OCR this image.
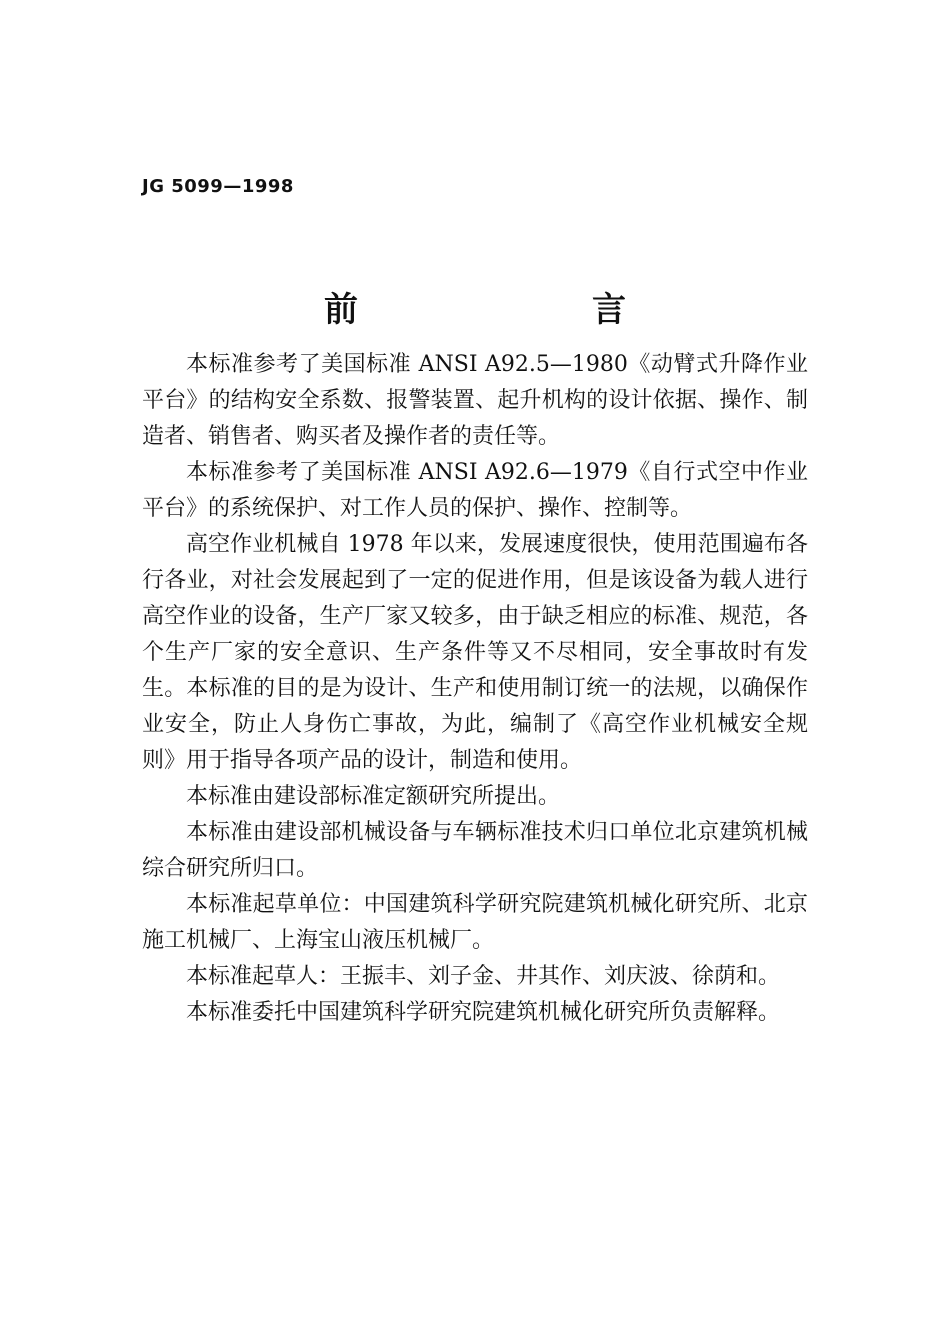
JG 5099—1998
前　言

本标准参考了美国标准 ANSI A92.5—1980《动臂式升降作业平台》的结构安全系数、报警装置、起升机构的设计依据、操作、制造者、销售者、购买者及操作者的责任等。

本标准参考了美国标准 ANSI A92.6—1979《自行式空中作业平台》的系统保护、对工作人员的保护、操作、控制等。

高空作业机械自 1978 年以来，发展速度很快，使用范围遍布各行各业，对社会发展起到了一定的促进作用，但是该设备为载人进行高空作业的设备，生产厂家又较多，由于缺乏相应的标准、规范，各个生产厂家的安全意识、生产条件等又不尽相同，安全事故时有发生。本标准的目的是为设计、生产和使用制订统一的法规，以确保作业安全，防止人身伤亡事故，为此，编制了《高空作业机械安全规则》用于指导各项产品的设计，制造和使用。

本标准由建设部标准定额研究所提出。

本标准由建设部机械设备与车辆标准技术归口单位北京建筑机械综合研究所归口。

本标准起草单位：中国建筑科学研究院建筑机械化研究所、北京施工机械厂、上海宝山液压机械厂。

本标准起草人：王振丰、刘子金、井其作、刘庆波、徐荫和。

本标准委托中国建筑科学研究院建筑机械化研究所负责解释。
